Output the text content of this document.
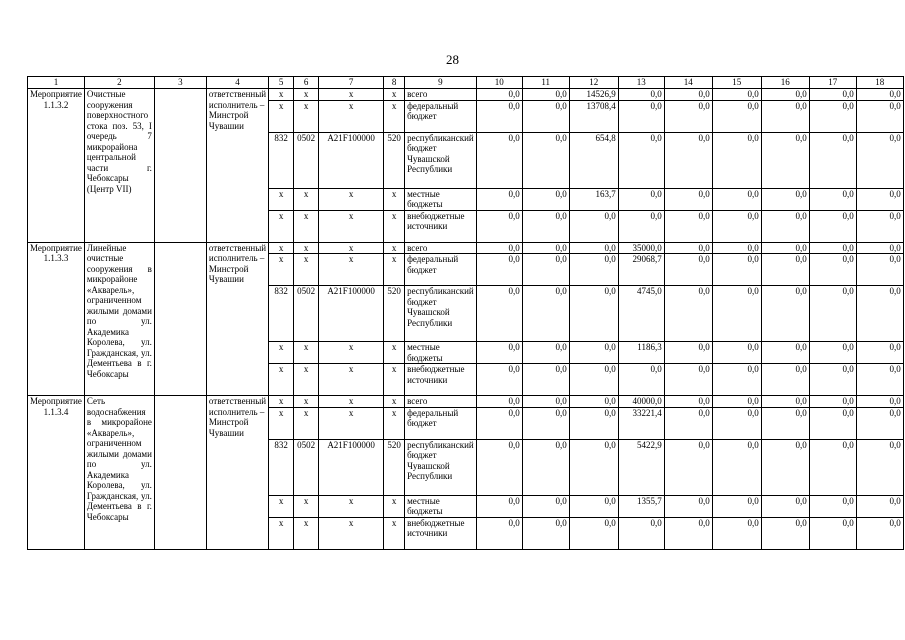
28
1	2	3	4	5	6	7	8	9	10	11	12	13	14	15	16	17	18
Мероприятие 1.1.3.2	Очистные сооружения поверхностного стока поз. 53, I очередь 7 микрорайона центральной части г. Чебоксары (Центр VII)		ответственный исполнитель – Минстрой Чувашии	x	x	x	x	всего	0,0	0,0	14526,9	0,0	0,0	0,0	0,0	0,0	0,0
				x	x	x	x	федеральный бюджет	0,0	0,0	13708,4	0,0	0,0	0,0	0,0	0,0	0,0
				832	0502	A21F100000	520	республиканский бюджет Чувашской Республики	0,0	0,0	654,8	0,0	0,0	0,0	0,0	0,0	0,0
				x	x	x	x	местные бюджеты	0,0	0,0	163,7	0,0	0,0	0,0	0,0	0,0	0,0
				x	x	x	x	внебюджетные источники	0,0	0,0	0,0	0,0	0,0	0,0	0,0	0,0	0,0
Мероприятие 1.1.3.3	Линейные очистные сооружения в микрорайоне «Акварель», ограниченном жилыми домами по ул. Академика Королева, ул. Гражданская, ул. Дементьева в г. Чебоксары		ответственный исполнитель – Минстрой Чувашии	x	x	x	x	всего	0,0	0,0	0,0	35000,0	0,0	0,0	0,0	0,0	0,0
				x	x	x	x	федеральный бюджет	0,0	0,0	0,0	29068,7	0,0	0,0	0,0	0,0	0,0
				832	0502	A21F100000	520	республиканский бюджет Чувашской Республики	0,0	0,0	0,0	4745,0	0,0	0,0	0,0	0,0	0,0
				x	x	x	x	местные бюджеты	0,0	0,0	0,0	1186,3	0,0	0,0	0,0	0,0	0,0
				x	x	x	x	внебюджетные источники	0,0	0,0	0,0	0,0	0,0	0,0	0,0	0,0	0,0
Мероприятие 1.1.3.4	Сеть водоснабжения в микрорайоне «Акварель», ограниченном жилыми домами по ул. Академика Королева, ул. Гражданская, ул. Дементьева в г. Чебоксары		ответственный исполнитель – Минстрой Чувашии	x	x	x	x	всего	0,0	0,0	0,0	40000,0	0,0	0,0	0,0	0,0	0,0
				x	x	x	x	федеральный бюджет	0,0	0,0	0,0	33221,4	0,0	0,0	0,0	0,0	0,0
				832	0502	A21F100000	520	республиканский бюджет Чувашской Республики	0,0	0,0	0,0	5422,9	0,0	0,0	0,0	0,0	0,0
				x	x	x	x	местные бюджеты	0,0	0,0	0,0	1355,7	0,0	0,0	0,0	0,0	0,0
				x	x	x	x	внебюджетные источники	0,0	0,0	0,0	0,0	0,0	0,0	0,0	0,0	0,0
